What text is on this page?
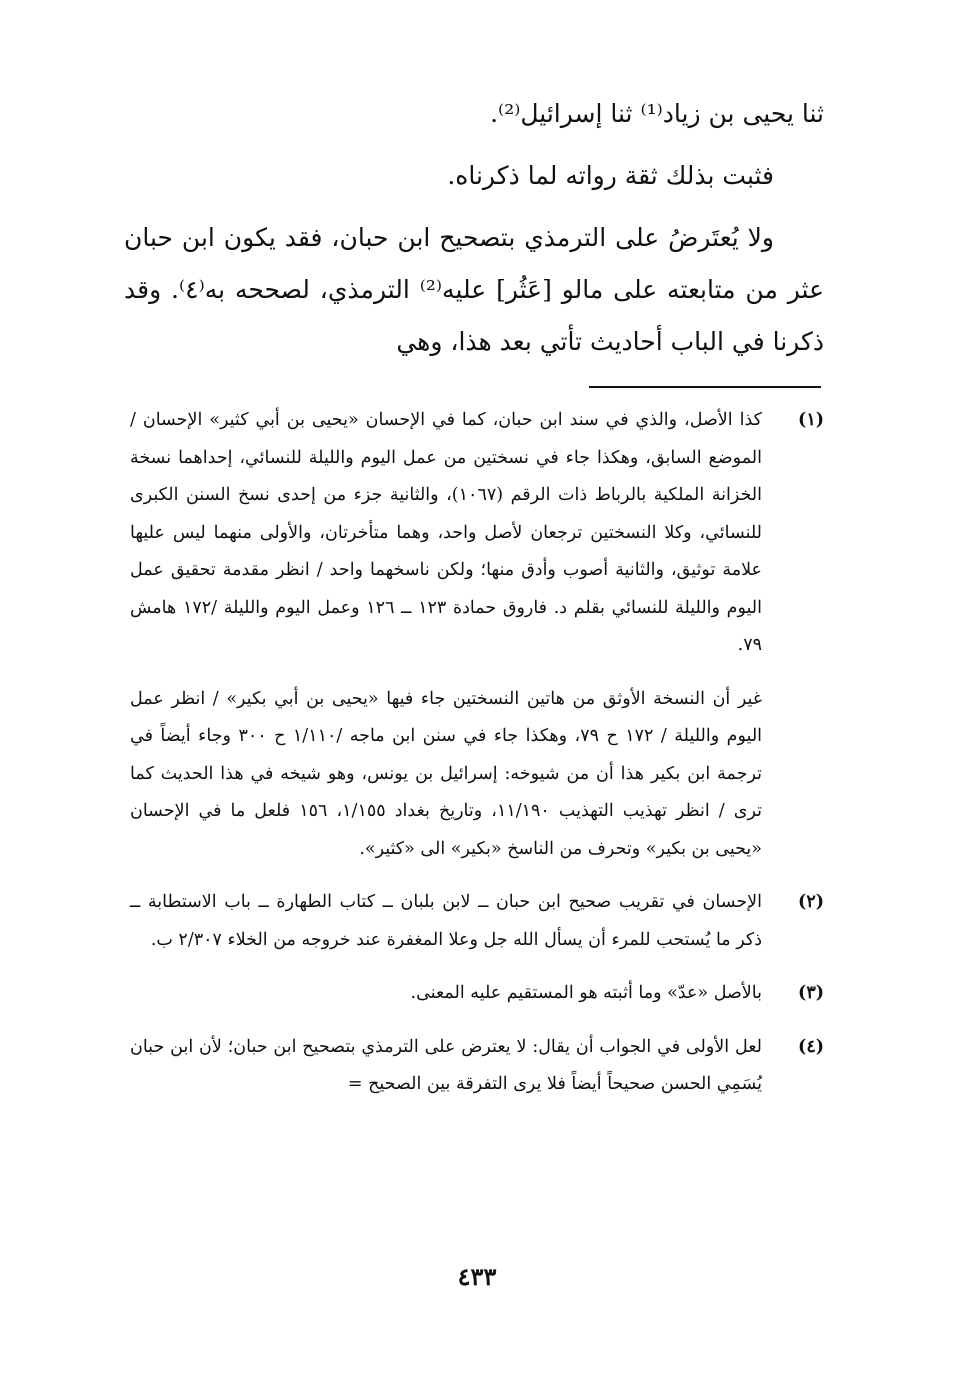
ثنا يحيى بن زياد⁽¹⁾ ثنا إسرائيل⁽²⁾.

فثبت بذلك ثقة رواته لما ذكرناه.

ولا يُعتَرضُ على الترمذي بتصحيح ابن حبان، فقد يكون ابن حبان عثر من متابعته على مالو [عَثُر] عليه⁽²⁾ الترمذي، لصححه به⁽٤⁾. وقد ذكرنا في الباب أحاديث تأتي بعد هذا، وهي

(١)

كذا الأصل، والذي في سند ابن حبان، كما في الإحسان «يحيى بن أبي كثير» الإحسان / الموضع السابق، وهكذا جاء في نسختين من عمل اليوم والليلة للنسائي، إحداهما نسخة الخزانة الملكية بالرباط ذات الرقم (١٠٦٧)، والثانية جزء من إحدى نسخ السنن الكبرى للنسائي، وكلا النسختين ترجعان لأصل واحد، وهما متأخرتان، والأولى منهما ليس عليها علامة توثيق، والثانية أصوب وأدق منها؛ ولكن ناسخهما واحد / انظر مقدمة تحقيق عمل اليوم والليلة للنسائي بقلم د. فاروق حمادة ١٢٣ ــ ١٢٦ وعمل اليوم والليلة /١٧٢ هامش ٧٩.

غير أن النسخة الأوثق من هاتين النسختين جاء فيها «يحيى بن أبي بكير» / انظر عمل اليوم والليلة / ١٧٢ ح ٧٩، وهكذا جاء في سنن ابن ماجه /١/١١٠ ح ٣٠٠ وجاء أيضاً في ترجمة ابن بكير هذا أن من شيوخه: إسرائيل بن يونس، وهو شيخه في هذا الحديث كما ترى / انظر تهذيب التهذيب ١١/١٩٠، وتاريخ بغداد ١/١٥٥، ١٥٦ فلعل ما في الإحسان «يحيى بن بكير» وتحرف من الناسخ «بكير» الى «كثير».

(٢)

الإحسان في تقريب صحيح ابن حبان ــ لابن بلبان ــ كتاب الطهارة ــ باب الاستطابة ــ ذكر ما يُستحب للمرء أن يسأل الله جل وعلا المغفرة عند خروجه من الخلاء ٢/٣٠٧ ب.

(٣)

بالأصل «عدّ» وما أثبته هو المستقيم عليه المعنى.

(٤)

لعل الأولى في الجواب أن يقال: لا يعترض على الترمذي بتصحيح ابن حبان؛ لأن ابن حبان يُسَمِي الحسن صحيحاً أيضاً فلا يرى التفرقة بين الصحيح =

٤٣٣
